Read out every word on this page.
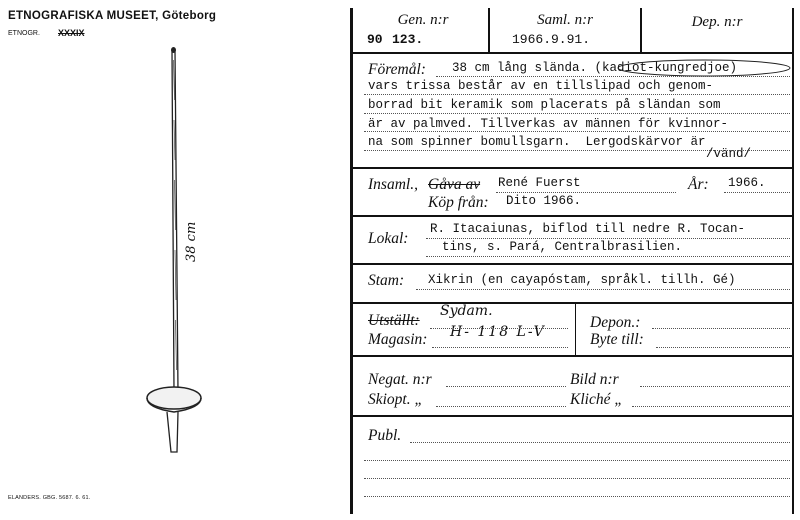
ETNOGRAFISKA MUSEET, Göteborg
ETNOGR. XXXIX
38 cm
ELANDERS. GBG. 5687. 6. 61.
Gen. n:r	Saml. n:r	Dep. n:r
90 123.	1966.9.91.
Föremål: 38 cm lång slända. (kadiot-kungredjoe)
vars trissa består av en tillslipad och genom-
borrad bit keramik som placerats på sländan som
är av palmved. Tillverkas av männen för kvinnor-
na som spinner bomullsgarn.  Lergodskärvor är
/vänd/
Insaml., Gåva av René Fuerst	År: 1966.
Köp från: Dito 1966.
Lokal:
R. Itacaiunas, biflod till nedre R. Tocan-
tins, s. Pará, Centralbrasilien.
Stam: Xikrin (en cayapóstam, språkl. tillh. Gé)
Utställt:
Sydam.
Magasin: H- 118 L-V
Depon.:
Byte till:
Negat. n:r	Bild n:r
Skiopt. „	Kliché „
Publ.
